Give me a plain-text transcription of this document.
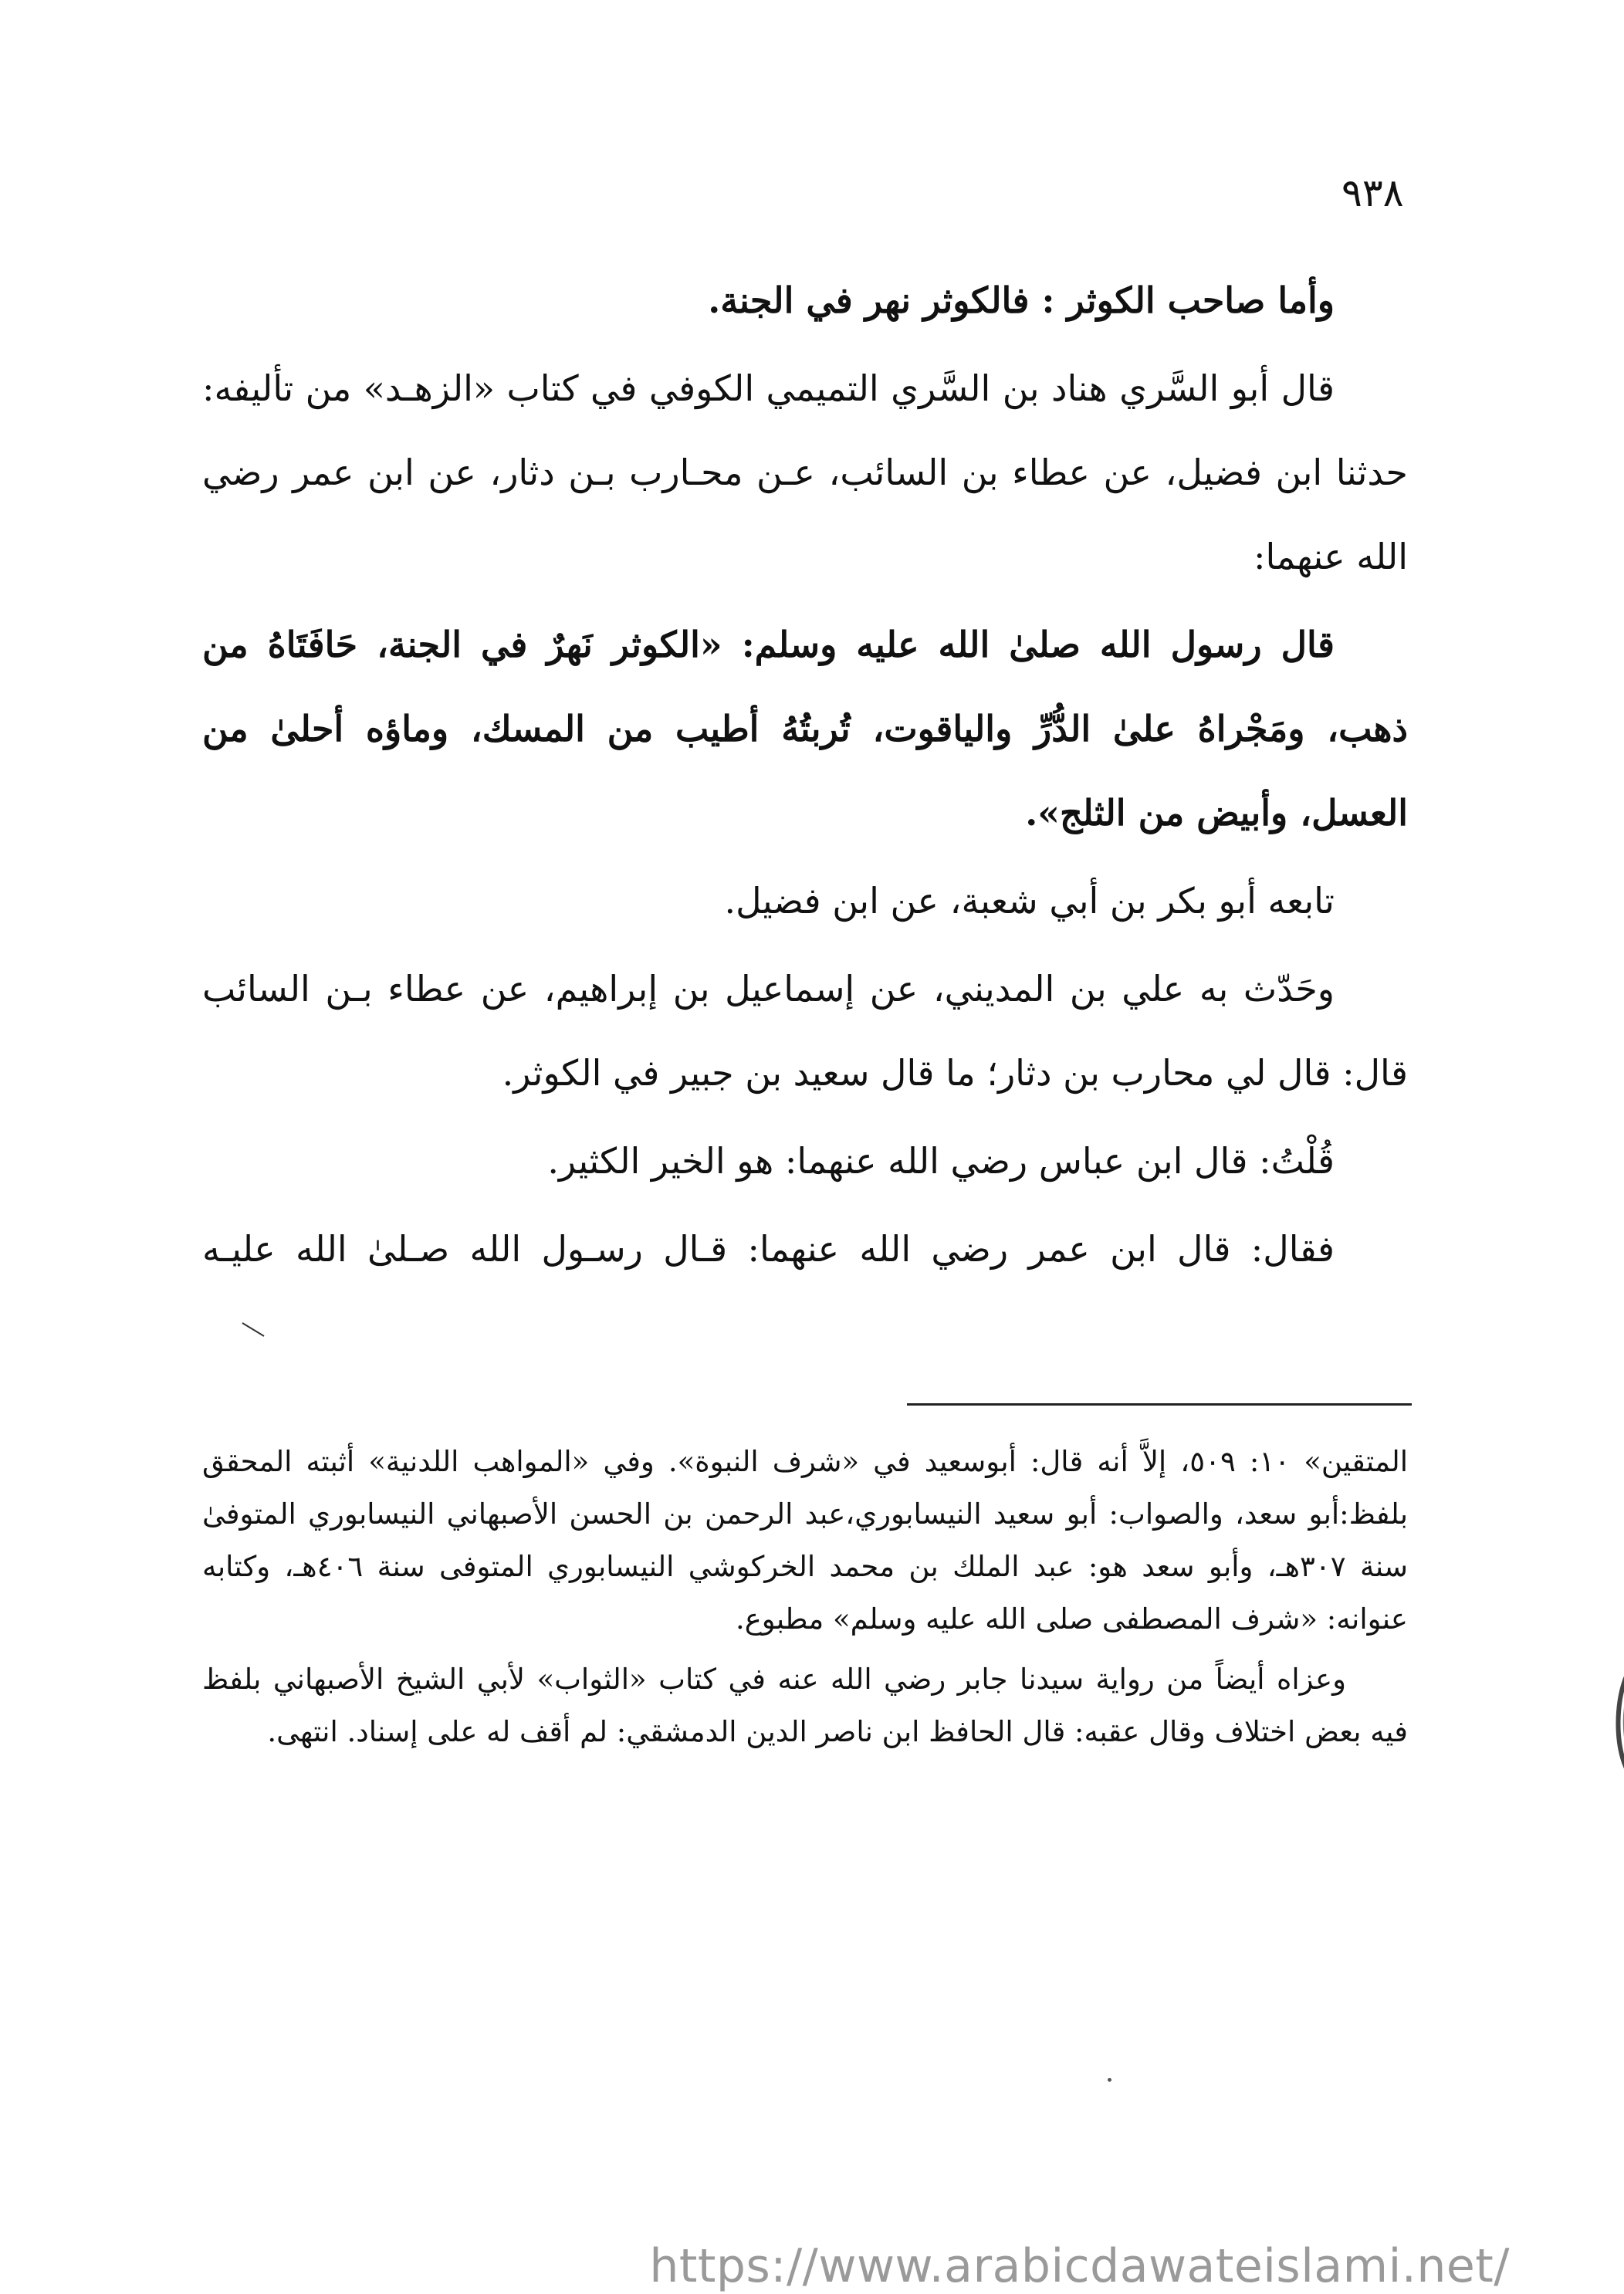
٩٣٨

وأما صاحب الكوثر : فالكوثر نهر في الجنة.

قال أبو السَّري هناد بن السَّري التميمي الكوفي في كتاب «الزهـد» من تأليفه: حدثنا ابن فضيل، عن عطاء بن السائب، عـن محـارب بـن دثار، عن ابن عمر رضي الله عنهما:

قال رسول الله صلىٰ الله عليه وسلم: «الكوثر نَهرٌ في الجنة، حَافَتَاهُ من ذهب، ومَجْراهُ علىٰ الدُّرِّ والياقوت، تُربتُهُ أطيب من المسك، وماؤه أحلىٰ من العسل، وأبيض من الثلج».

تابعه أبو بكر بن أبي شعبة، عن ابن فضيل.

وحَدّث به علي بن المديني، عن إسماعيل بن إبراهيم، عن عطاء بـن السائب قال: قال لي محارب بن دثار؛ ما قال سعيد بن جبير في الكوثر.

قُلْتُ: قال ابن عباس رضي الله عنهما: هو الخير الكثير.

فقال: قال ابن عمر رضي الله عنهما: قـال رسـول الله صـلىٰ الله عليـه

المتقين» ١٠: ٥٠٩، إلاَّ أنه قال: أبوسعيد في «شرف النبوة». وفي «المواهب اللدنية» أثبته المحقق بلفظ:أبو سعد، والصواب: أبو سعيد النيسابوري،عبد الرحمن بن الحسن الأصبهاني النيسابوري المتوفىٰ سنة ٣٠٧هـ، وأبو سعد هو: عبد الملك بن محمد الخركوشي النيسابوري المتوفى سنة ٤٠٦هـ، وكتابه عنوانه: «شرف المصطفى صلى الله عليه وسلم» مطبوع.

وعزاه أيضاً من رواية سيدنا جابر رضي الله عنه في كتاب «الثواب» لأبي الشيخ الأصبهاني بلفظ فيه بعض اختلاف وقال عقبه: قال الحافظ ابن ناصر الدين الدمشقي: لم أقف له على إسناد. انتهى.

https://www.arabicdawateislami.net/
